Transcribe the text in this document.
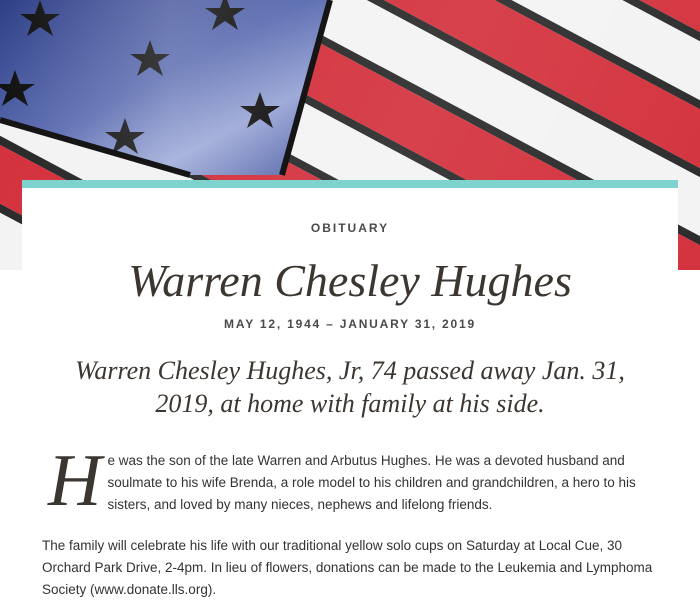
OBITUARY
Warren Chesley Hughes
MAY 12, 1944 – JANUARY 31, 2019
Warren Chesley Hughes, Jr, 74 passed away Jan. 31, 2019, at home with family at his side.
H e was the son of the late Warren and Arbutus Hughes. He was a devoted husband and soulmate to his wife Brenda, a role model to his children and grandchildren, a hero to his sisters, and loved by many nieces, nephews and lifelong friends.
The family will celebrate his life with our traditional yellow solo cups on Saturday at Local Cue, 30 Orchard Park Drive, 2-4pm. In lieu of flowers, donations can be made to the Leukemia and Lymphoma Society (www.donate.lls.org).
